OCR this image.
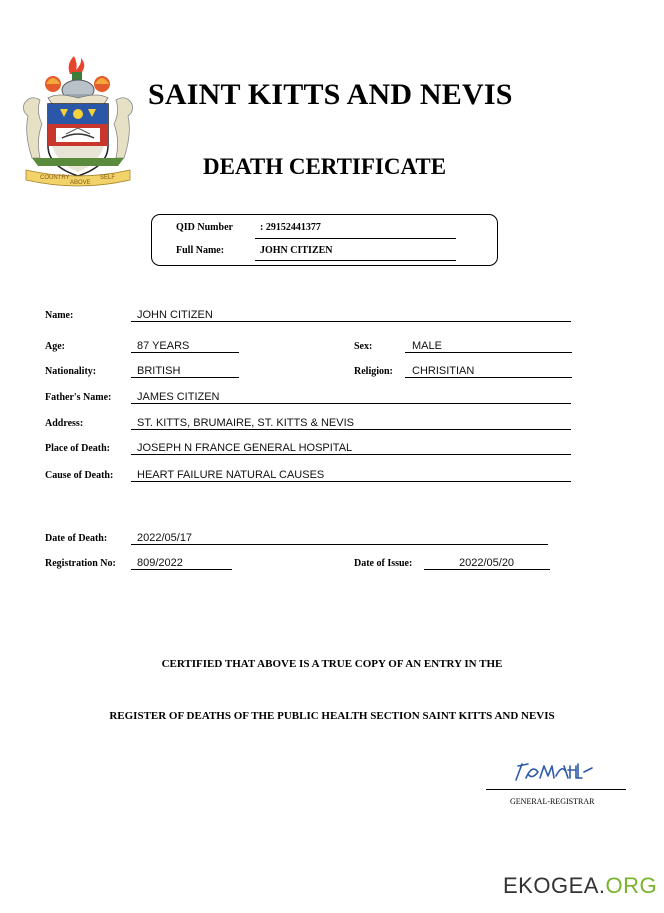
COUNTRY
ABOVE
SELF
SAINT KITTS AND NEVIS
DEATH CERTIFICATE
QID Number	: 29152441377
Full Name:	JOHN CITIZEN
Name:	JOHN CITIZEN
Age:	87 YEARS	Sex:	MALE
Nationality:	BRITISH	Religion: CHRISITIAN
Father's Name: JAMES CITIZEN
Address:	ST. KITTS, BRUMAIRE, ST. KITTS & NEVIS
Place of Death: JOSEPH N FRANCE GENERAL HOSPITAL
Cause of Death: HEART FAILURE NATURAL CAUSES
Date of Death:	2022/05/17
Registration No: 809/2022	Date of Issue:	2022/05/20
CERTIFIED THAT ABOVE IS A TRUE COPY OF AN ENTRY IN THE
REGISTER OF DEATHS OF THE PUBLIC HEALTH SECTION SAINT KITTS AND NEVIS
GENERAL-REGISTRAR
EKOGEA.ORG
